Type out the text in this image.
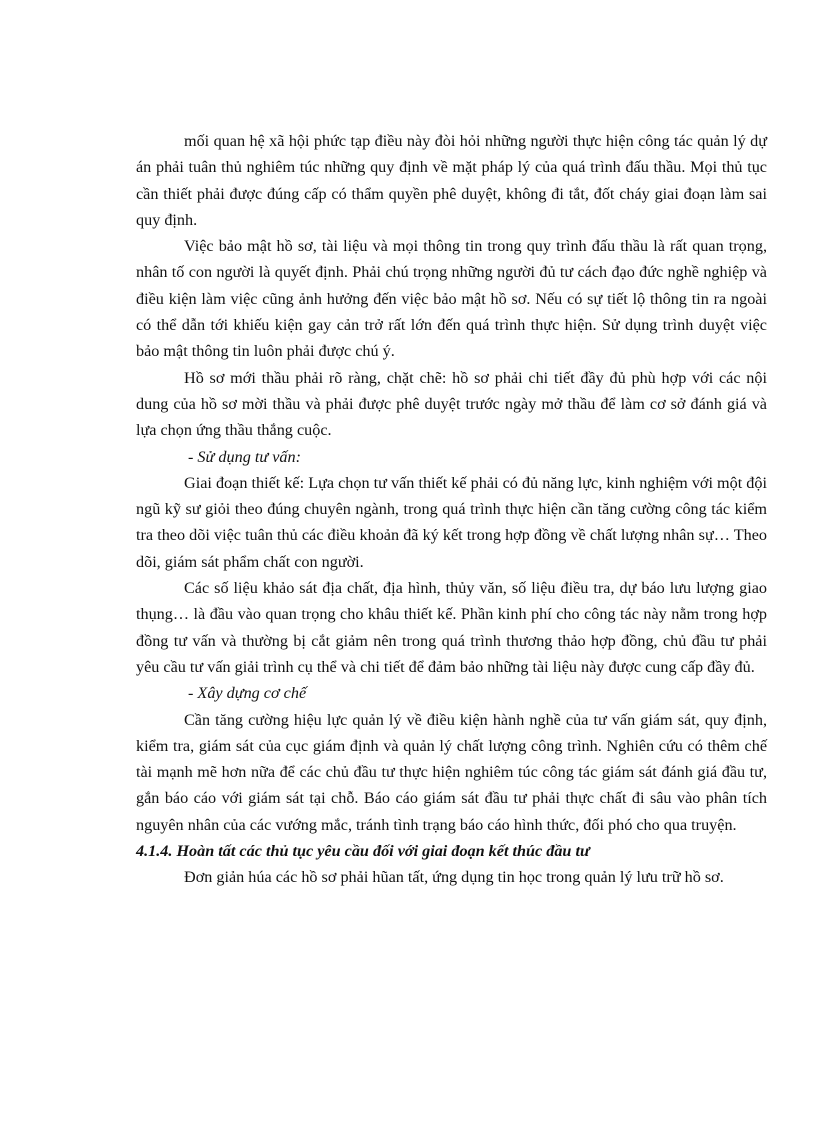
mối quan hệ xã hội phức tạp điều này đòi hỏi những người thực hiện công tác quản lý dự án phải tuân thủ nghiêm túc những quy định về mặt pháp lý của quá trình đấu thầu. Mọi thủ tục cần thiết phải được đúng cấp có thẩm quyền phê duyệt, không đi tắt, đốt cháy giai đoạn làm sai quy định.

Việc bảo mật hồ sơ, tài liệu và mọi thông tin trong quy trình đấu thầu là rất quan trọng, nhân tố con người là quyết định. Phải chú trọng những người đủ tư cách đạo đức nghề nghiệp và điều kiện làm việc cũng ảnh hưởng đến việc bảo mật hồ sơ. Nếu có sự tiết lộ thông tin ra ngoài có thể dẫn tới khiếu kiện gay cản trở rất lớn đến quá trình thực hiện. Sử dụng trình duyệt việc bảo mật thông tin luôn phải được chú ý.

Hồ sơ mới thầu phải rõ ràng, chặt chẽ: hồ sơ phải chi tiết đầy đủ phù hợp với các nội dung của hồ sơ mời thầu và phải được phê duyệt trước ngày mở thầu để làm cơ sở đánh giá và lựa chọn ứng thầu thắng cuộc.

- Sử dụng tư vấn:

Giai đoạn thiết kế: Lựa chọn tư vấn thiết kế phải có đủ năng lực, kinh nghiệm với một đội ngũ kỹ sư giỏi theo đúng chuyên ngành, trong quá trình thực hiện cần tăng cường công tác kiểm tra theo dõi việc tuân thủ các điều khoản đã ký kết trong hợp đồng về chất lượng nhân sự… Theo dõi, giám sát phẩm chất con người.

Các số liệu khảo sát địa chất, địa hình, thủy văn, số liệu điều tra, dự báo lưu lượng giao thụng… là đầu vào quan trọng cho khâu thiết kế. Phần kinh phí cho công tác này nằm trong hợp đồng tư vấn và thường bị cắt giảm nên trong quá trình thương thảo hợp đồng, chủ đầu tư phải yêu cầu tư vấn giải trình cụ thể và chi tiết để đảm bảo những tài liệu này được cung cấp đầy đủ.

- Xây dựng cơ chế

Cần tăng cường hiệu lực quản lý về điều kiện hành nghề của tư vấn giám sát, quy định, kiểm tra, giám sát của cục giám định và quản lý chất lượng công trình. Nghiên cứu có thêm chế tài mạnh mẽ hơn nữa để các chủ đầu tư thực hiện nghiêm túc công tác giám sát đánh giá đầu tư, gắn báo cáo với giám sát tại chỗ. Báo cáo giám sát đầu tư phải thực chất đi sâu vào phân tích nguyên nhân của các vướng mắc, tránh tình trạng báo cáo hình thức, đối phó cho qua truyện.

4.1.4. Hoàn tất các thủ tục yêu cầu đối với giai đoạn kết thúc đầu tư

Đơn giản húa các hồ sơ phải hũan tất, ứng dụng tin học trong quản lý lưu trữ hồ sơ.
